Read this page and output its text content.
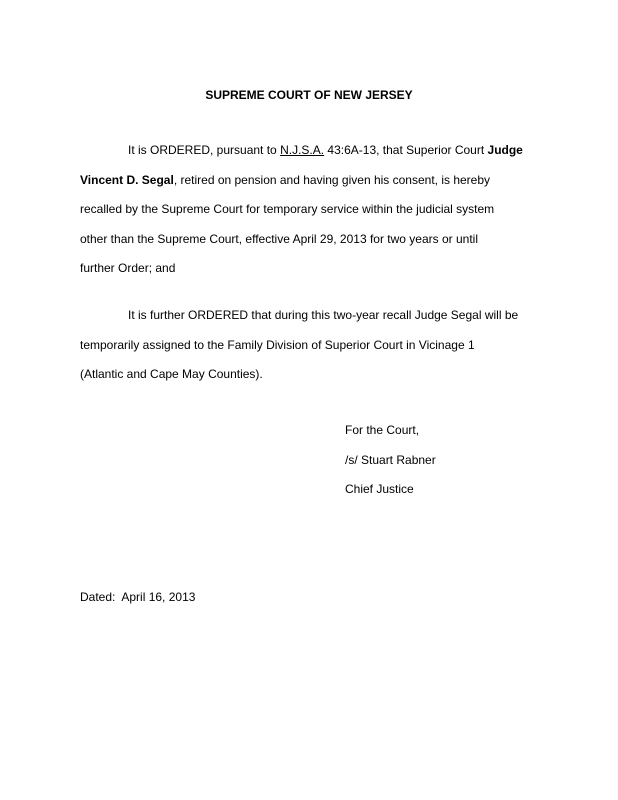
SUPREME COURT OF NEW JERSEY
It is ORDERED, pursuant to N.J.S.A. 43:6A-13, that Superior Court Judge
Vincent D. Segal, retired on pension and having given his consent, is hereby
recalled by the Supreme Court for temporary service within the judicial system
other than the Supreme Court, effective April 29, 2013 for two years or until
further Order; and
It is further ORDERED that during this two-year recall Judge Segal will be
temporarily assigned to the Family Division of Superior Court in Vicinage 1
(Atlantic and Cape May Counties).
For the Court,
/s/ Stuart Rabner
Chief Justice
Dated:  April 16, 2013
